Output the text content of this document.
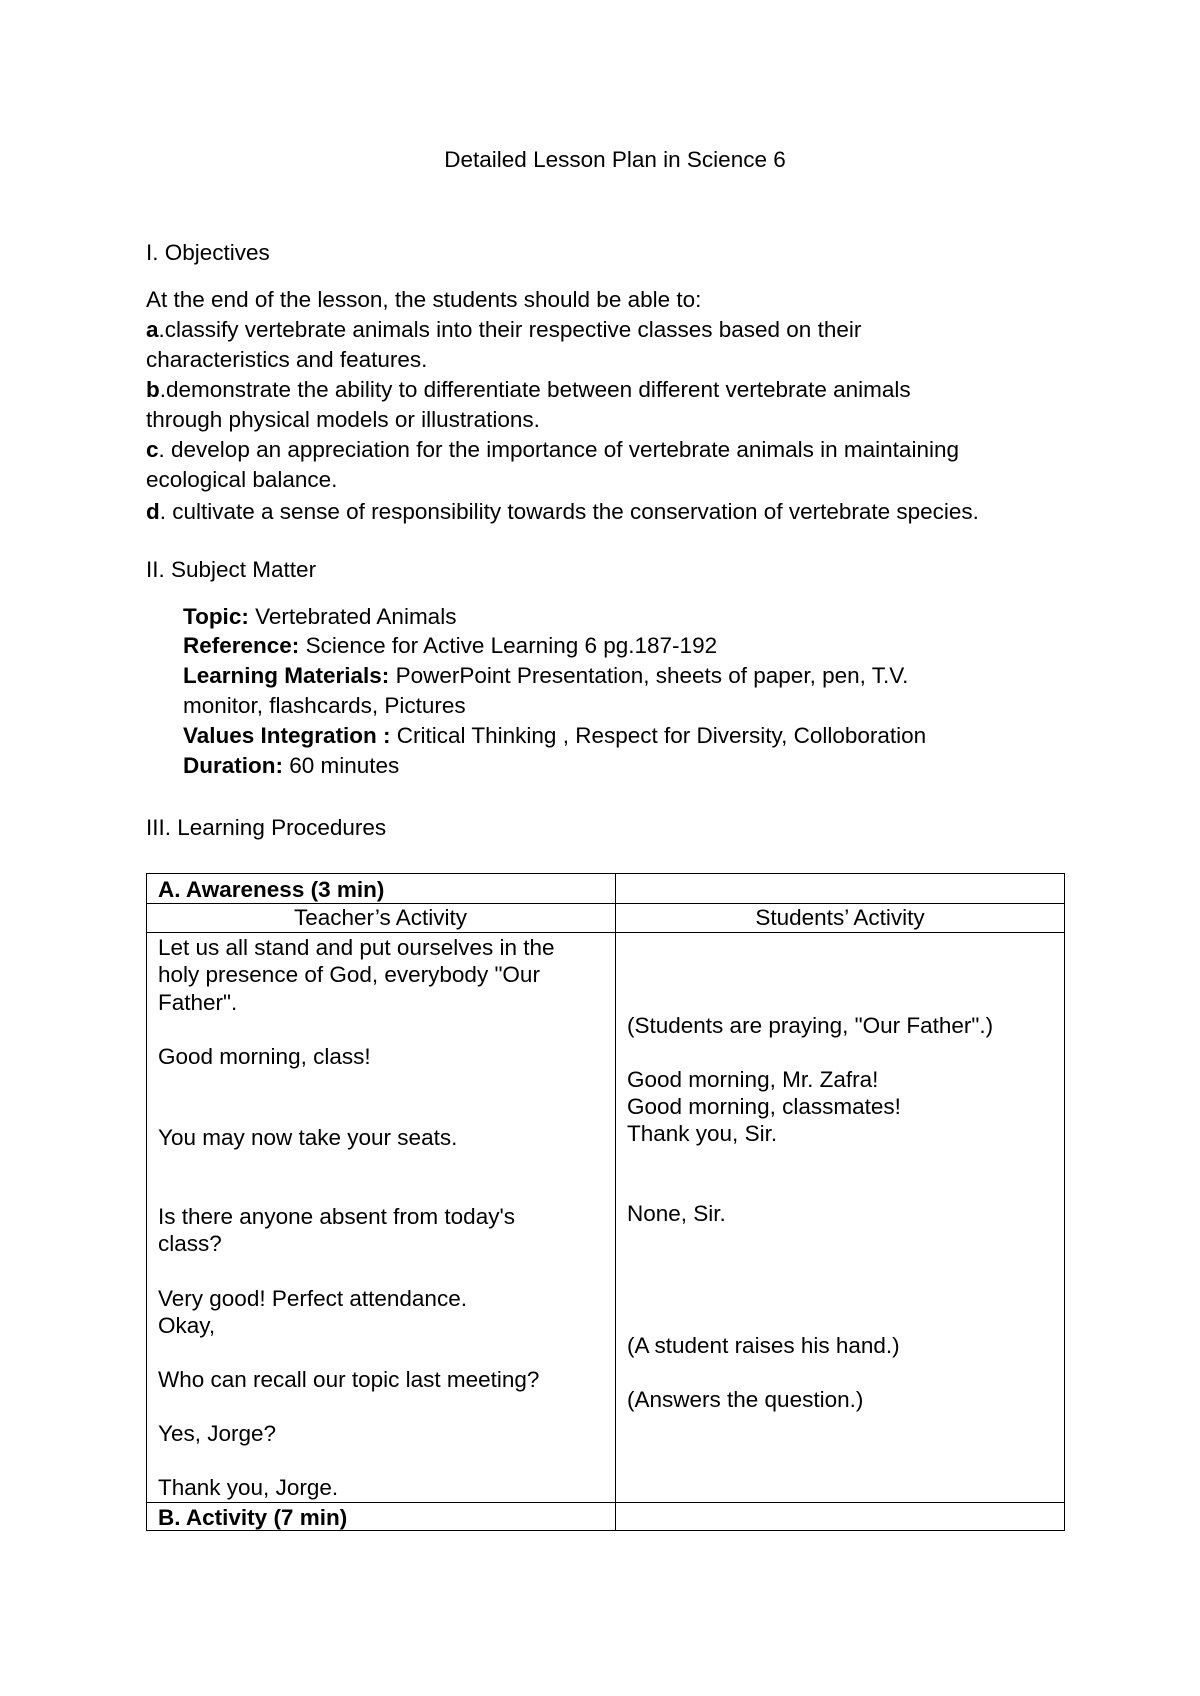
Detailed Lesson Plan in Science 6
I. Objectives
At the end of the lesson, the students should be able to:
a.classify vertebrate animals into their respective classes based on their
characteristics and features.
b.demonstrate the ability to differentiate between different vertebrate animals
through physical models or illustrations.
c. develop an appreciation for the importance of vertebrate animals in maintaining
ecological balance.
d. cultivate a sense of responsibility towards the conservation of vertebrate species.
II. Subject Matter
Topic: Vertebrated Animals
Reference: Science for Active Learning 6 pg.187-192
Learning Materials: PowerPoint Presentation, sheets of paper, pen, T.V.
monitor, flashcards, Pictures
Values Integration : Critical Thinking , Respect for Diversity, Colloboration
Duration: 60 minutes
III. Learning Procedures
A. Awareness (3 min)
Teacher’s Activity	Students’ Activity
Let us all stand and put ourselves in the
holy presence of God, everybody "Our
Father".
Good morning, class!
You may now take your seats.
Is there anyone absent from today's
class?
Very good! Perfect attendance.
Okay,
Who can recall our topic last meeting?
Yes, Jorge?
Thank you, Jorge.
(Students are praying, "Our Father".)
Good morning, Mr. Zafra!
Good morning, classmates!
Thank you, Sir.
None, Sir.
(A student raises his hand.)
(Answers the question.)
B. Activity (7 min)
